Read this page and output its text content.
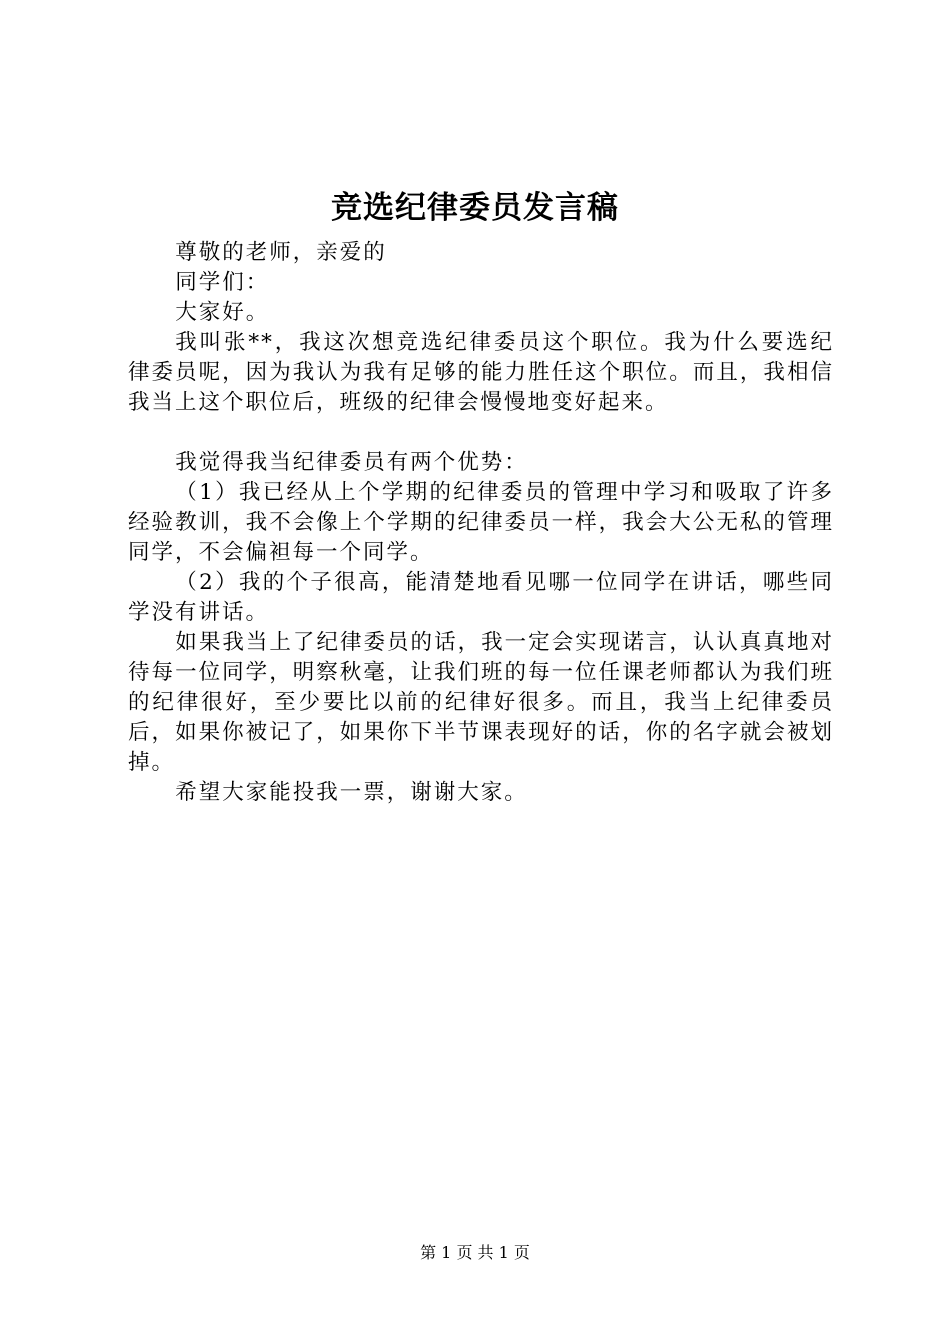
竞选纪律委员发言稿

尊敬的老师，亲爱的

同学们：

大家好。

我叫张**，我这次想竞选纪律委员这个职位。我为什么要选纪律委员呢，因为我认为我有足够的能力胜任这个职位。而且，我相信我当上这个职位后，班级的纪律会慢慢地变好起来。

我觉得我当纪律委员有两个优势：

（1）我已经从上个学期的纪律委员的管理中学习和吸取了许多经验教训，我不会像上个学期的纪律委员一样，我会大公无私的管理同学，不会偏袒每一个同学。

（2）我的个子很高，能清楚地看见哪一位同学在讲话，哪些同学没有讲话。

如果我当上了纪律委员的话，我一定会实现诺言，认认真真地对待每一位同学，明察秋毫，让我们班的每一位任课老师都认为我们班的纪律很好，至少要比以前的纪律好很多。而且，我当上纪律委员后，如果你被记了，如果你下半节课表现好的话，你的名字就会被划掉。

希望大家能投我一票，谢谢大家。

第 1 页 共 1 页
